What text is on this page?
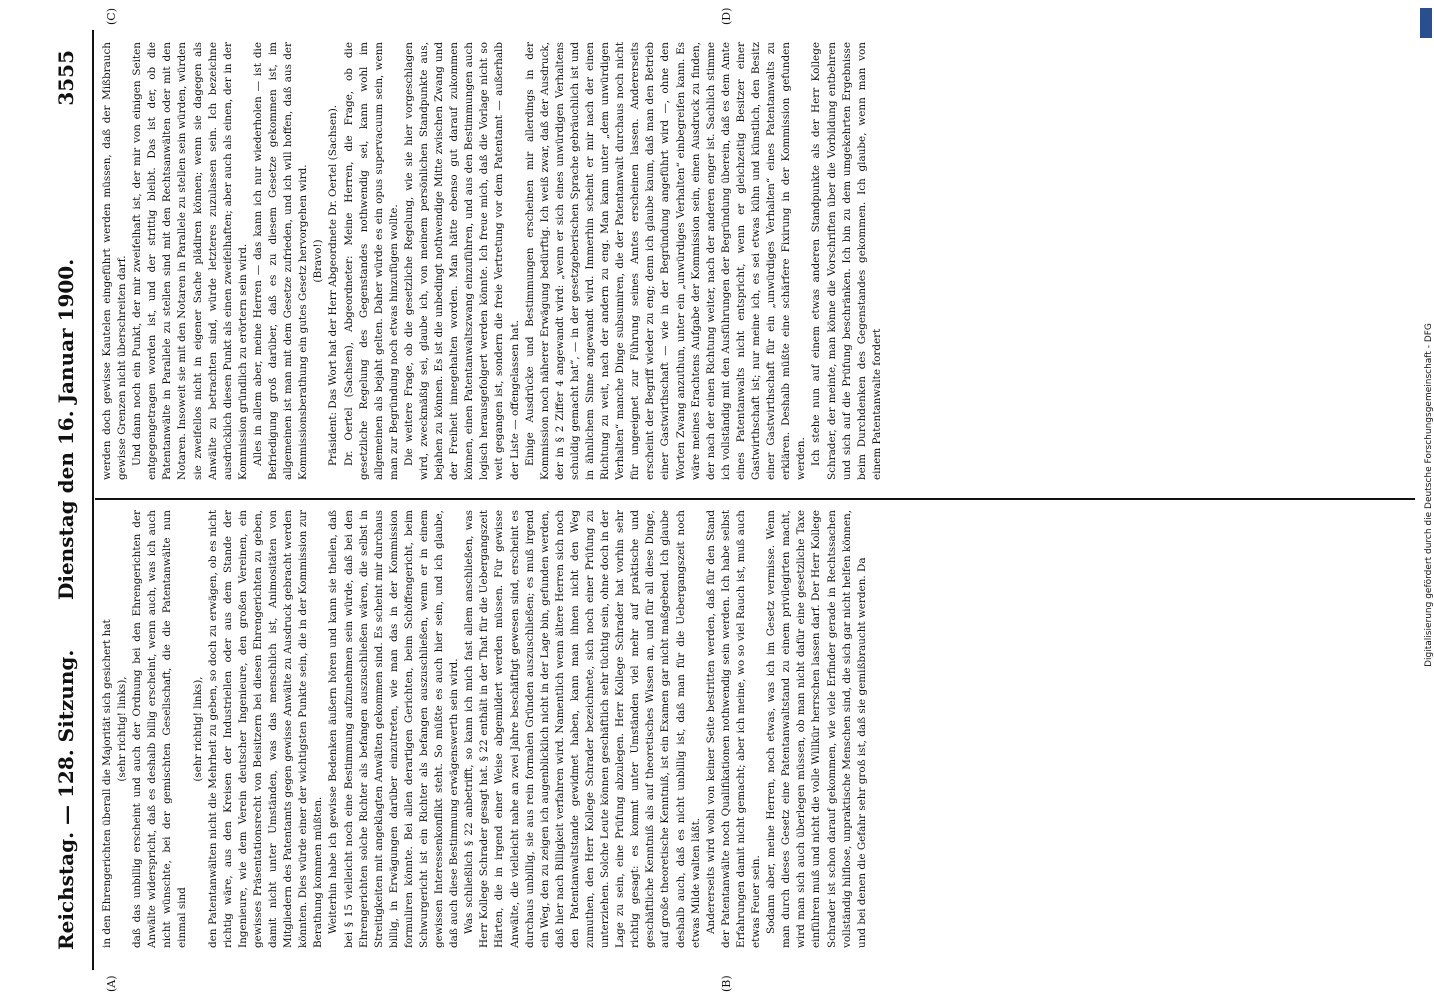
Reichstag. — 128. Sitzung.
Dienstag den 16. Januar 1900.
3555
(A)	(B)
(C)	(D)

in den Ehrengerichten überall die Majorität sich gesichert hat (sehr richtig! links), daß das unbillig erscheint und auch der Ordnung bei den Ehrengerichten der Anwälte widerspricht, daß es deshalb billig erscheint, wenn auch, was ich auch nicht wünschte, bei der gemischten Gesellschaft, die die Patentanwälte nun einmal sind

(sehr richtig! links), den Patentanwälten nicht die Mehrheit zu geben, so doch zu erwägen, ob es nicht richtig wäre, aus den Kreisen der Industriellen oder aus dem Stande der Ingenieure, wie dem Verein deutscher Ingenieure, den großen Vereinen, ein gewisses Präsentationsrecht von Beisitzern bei diesen Ehrengerichten zu geben, damit nicht unter Umständen, was das menschlich ist, Animositäten von Mitgliedern des Patentamts gegen gewisse Anwälte zu Ausdruck gebracht werden könnten. Dies würde einer der wichtigsten Punkte sein, die in der Kommission zur Berathung kommen müßten. Weiterhin habe ich gewisse Bedenken äußern hören und kann sie theilen, daß bei § 15 vielleicht noch eine Bestimmung aufzunehmen sein würde, daß bei den Ehrengerichten solche Richter als befangen auszuschließen wären, die selbst in Streitigkeiten mit angeklagten Anwälten gekommen sind. Es scheint mir durchaus billig, in Erwägungen darüber einzutreten, wie man das in der Kommission formuliren könnte. Bei allen derartigen Gerichten, beim Schöffengericht, beim Schwurgericht ist ein Richter als befangen auszuschließen, wenn er in einem gewissen Interessenkonflikt steht. So müßte es auch hier sein, und ich glaube, daß auch diese Bestimmung erwägenswerth sein wird. Was schließlich § 22 anbetrifft, so kann ich mich fast allem anschließen, was Herr Kollege Schrader gesagt hat. § 22 enthält in der That für die Uebergangszeit Härten, die in irgend einer Weise abgemildert werden müssen. Für gewisse Anwälte, die vielleicht nahe an zwei Jahre beschäftigt gewesen sind, erscheint es durchaus unbillig, sie aus rein formalen Gründen auszuschließen; es muß irgend ein Weg, den zu zeigen ich augenblicklich nicht in der Lage bin, gefunden werden, daß hier nach Billigkeit verfahren wird. Namentlich wenn ältere Herren sich noch den Patentanwaltstande gewidmet haben, kann man ihnen nicht den Weg zumuthen, den Herr Kollege Schrader bezeichnete, sich noch einer Prüfung zu unterziehen. Solche Leute können geschäftlich sehr tüchtig sein, ohne doch in der Lage zu sein, eine Prüfung abzulegen. Herr Kollege Schrader hat vorhin sehr richtig gesagt: es kommt unter Umständen viel mehr auf praktische und geschäftliche Kenntniß als auf theoretisches Wissen an, und für all diese Dinge, auf große theoretische Kenntniß, ist ein Examen gar nicht maßgebend. Ich glaube deshalb auch, daß es nicht unbillig ist, daß man für die Uebergangszeit noch etwas Milde walten läßt. Andererseits wird wohl von keiner Seite bestritten werden, daß für den Stand der Patentanwälte noch Qualifikationen nothwendig sein werden. Ich habe selbst Erfahrungen damit nicht gemacht; aber ich meine, wo so viel Rauch ist, muß auch etwas Feuer sein. Sodann aber, meine Herren, noch etwas, was ich im Gesetz vermisse. Wenn man durch dieses Gesetz eine Patentanwaltstand zu einem privilegirten macht, wird man sich auch überlegen müssen, ob man nicht dafür eine gesetzliche Taxe einführen muß und nicht die volle Willkür herrschen lassen darf. Der Herr Kollege Schrader ist schon darauf gekommen, wie viele Erfinder gerade in Rechtssachen vollständig hilflose, unpraktische Menschen sind, die sich gar nicht helfen können, und bei denen die Gefahr sehr groß ist, daß sie gemißbraucht werden. Da

werden doch gewisse Kautelen eingeführt werden müssen, daß der Mißbrauch gewisse Grenzen nicht überschreiten darf. Und dann noch ein Punkt, der mir zweifelhaft ist, der mir von einigen Seiten entgegengetragen worden ist, und der strittig bleibt. Das ist der, ob die Patentanwälte in Parallele zu stellen sind mit den Rechtsanwälten oder mit den Notaren. Insoweit sie mit den Notaren in Parallele zu stellen sein würden, würden sie zweifellos nicht in eigener Sache plädiren können; wenn sie dagegen als Anwälte zu betrachten sind, würde letzteres zuzulassen sein. Ich bezeichne ausdrücklich diesen Punkt als einen zweifelhaften; aber auch als einen, der in der Kommission gründlich zu erörtern sein wird. Alles in allem aber, meine Herren — das kann ich nur wiederholen — ist die Befriedigung groß darüber, daß es zu diesem Gesetze gekommen ist, im allgemeinen ist man mit dem Gesetze zufrieden, und ich will hoffen, daß aus der Kommissionsberathung ein gutes Gesetz hervorgehen wird. (Bravo!) Präsident: Das Wort hat der Herr Abgeordnete Dr. Oertel (Sachsen). Dr. Oertel (Sachsen), Abgeordneter: Meine Herren, die Frage, ob die gesetzliche Regelung des Gegenstandes nothwendig sei, kann wohl im allgemeinen als bejaht gelten. Daher würde es ein opus supervacuum sein, wenn man zur Begründung noch etwas hinzufügen wollte. Die weitere Frage, ob die gesetzliche Regelung, wie sie hier vorgeschlagen wird, zweckmäßig sei, glaube ich, von meinem persönlichen Standpunkte aus, bejahen zu können. Es ist die unbedingt nothwendige Mitte zwischen Zwang und der Freiheit innegehalten worden. Man hätte ebenso gut darauf zukommen können, einen Patentanwaltszwang einzuführen, und aus den Bestimmungen auch logisch herausgefolgert werden könnte. Ich freue mich, daß die Vorlage nicht so weit gegangen ist, sondern die freie Vertretung vor dem Patentamt — außerhalb der Liste — offengelassen hat. Einige Ausdrücke und Bestimmungen erscheinen mir allerdings in der Kommission noch näherer Erwägung bedürftig. Ich weiß zwar, daß der Ausdruck, der in § 2 Ziffer 4 angewandt wird: „wenn er sich eines unwürdigen Verhaltens schuldig gemacht hat“, — in der gesetzgeberischen Sprache gebräuchlich ist und in ähnlichem Sinne angewandt wird. Immerhin scheint er mir nach der einen Richtung zu weit, nach der andern zu eng. Man kann unter „dem unwürdigen Verhalten“ manche Dinge subsumiren, die der Patentanwalt durchaus noch nicht für ungeeignet zur Führung seines Amtes erscheinen lassen. Andererseits erscheint der Begriff wieder zu eng; denn ich glaube kaum, daß man den Betrieb einer Gastwirthschaft — wie in der Begründung angeführt wird —, ohne den Worten Zwang anzuthun, unter ein „unwürdiges Verhalten“ einbegreifen kann. Es wäre meines Erachtens Aufgabe der Kommission sein, einen Ausdruck zu finden, der nach der einen Richtung weiter, nach der anderen enger ist. Sachlich stimme ich vollständig mit den Ausführungen der Begründung überein, daß es dem Amte eines Patentanwalts nicht entspricht, wenn er gleichzeitig Besitzer einer Gastwirthschaft ist; nur meine ich, es sei etwas kühn und künstlich, den Besitz einer Gastwirthschaft für ein „unwürdiges Verhalten“ eines Patentanwalts zu erklären. Deshalb müßte eine schärfere Fixirung in der Kommission gefunden werden. Ich stehe nun auf einem etwas anderen Standpunkte als der Herr Kollege Schrader, der meinte, man könne die Vorschriften über die Vorbildung entbehren und sich auf die Prüfung beschränken. Ich bin zu dem umgekehrten Ergebnisse beim Durchdenken des Gegenstandes gekommen. Ich glaube, wenn man von einem Patentanwalte fordert	Digitalisierung gefördert durch die Deutsche Forschungsgemeinschaft - DFG
